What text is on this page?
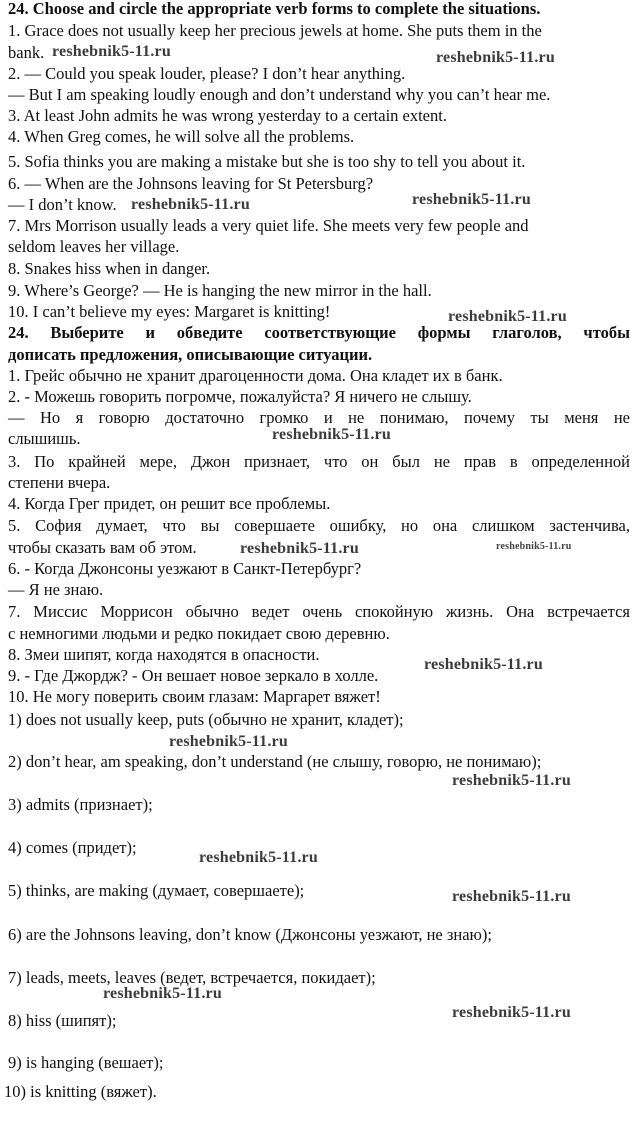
24. Choose and circle the appropriate verb forms to complete the situations.
1. Grace does not usually keep her precious jewels at home. She puts them in the
bank.
2. — Could you speak louder, please? I don’t hear anything.
— But I am speaking loudly enough and don’t understand why you can’t hear me.
3. At least John admits he was wrong yesterday to a certain extent.
4. When Greg comes, he will solve all the problems.
5. Sofia thinks you are making a mistake but she is too shy to tell you about it.
6. — When are the Johnsons leaving for St Petersburg?
— I don’t know.
7. Mrs Morrison usually leads a very quiet life. She meets very few people and
seldom leaves her village.
8. Snakes hiss when in danger.
9. Where’s George? — He is hanging the new mirror in the hall.
10. I can’t believe my eyes: Margaret is knitting!
24. Выберите и обведите соответствующие формы глаголов, чтобы
дописать предложения, описывающие ситуации.
1. Грейс обычно не хранит драгоценности дома. Она кладет их в банк.
2. - Можешь говорить погромче, пожалуйста? Я ничего не слышу.
— Но я говорю достаточно громко и не понимаю, почему ты меня не
слышишь.
3. По крайней мере, Джон признает, что он был не прав в определенной
степени вчера.
4. Когда Грег придет, он решит все проблемы.
5. София думает, что вы совершаете ошибку, но она слишком застенчива,
чтобы сказать вам об этом.
6. - Когда Джонсоны уезжают в Санкт-Петербург?
— Я не знаю.
7. Миссис Моррисон обычно ведет очень спокойную жизнь. Она встречается
с немногими людьми и редко покидает свою деревню.
8. Змеи шипят, когда находятся в опасности.
9. - Где Джордж? - Он вешает новое зеркало в холле.
10. Не могу поверить своим глазам: Маргарет вяжет!
1) does not usually keep, puts (обычно не хранит, кладет);
2) don’t hear, am speaking, don’t understand (не слышу, говорю, не понимаю);
3) admits (признает);
4) comes (придет);
5) thinks, are making (думает, совершаете);
6) are the Johnsons leaving, don’t know (Джонсоны уезжают, не знаю);
7) leads, meets, leaves (ведет, встречается, покидает);
8) hiss (шипят);
9) is hanging (вешает);
10) is knitting (вяжет).
reshebnik5-11.ru	reshebnik5-11.ru
reshebnik5-11.ru	reshebnik5-11.ru
reshebnik5-11.ru
reshebnik5-11.ru
reshebnik5-11.ru	reshebnik5-11.ru
reshebnik5-11.ru
reshebnik5-11.ru
reshebnik5-11.ru
reshebnik5-11.ru
reshebnik5-11.ru
reshebnik5-11.ru
reshebnik5-11.ru
